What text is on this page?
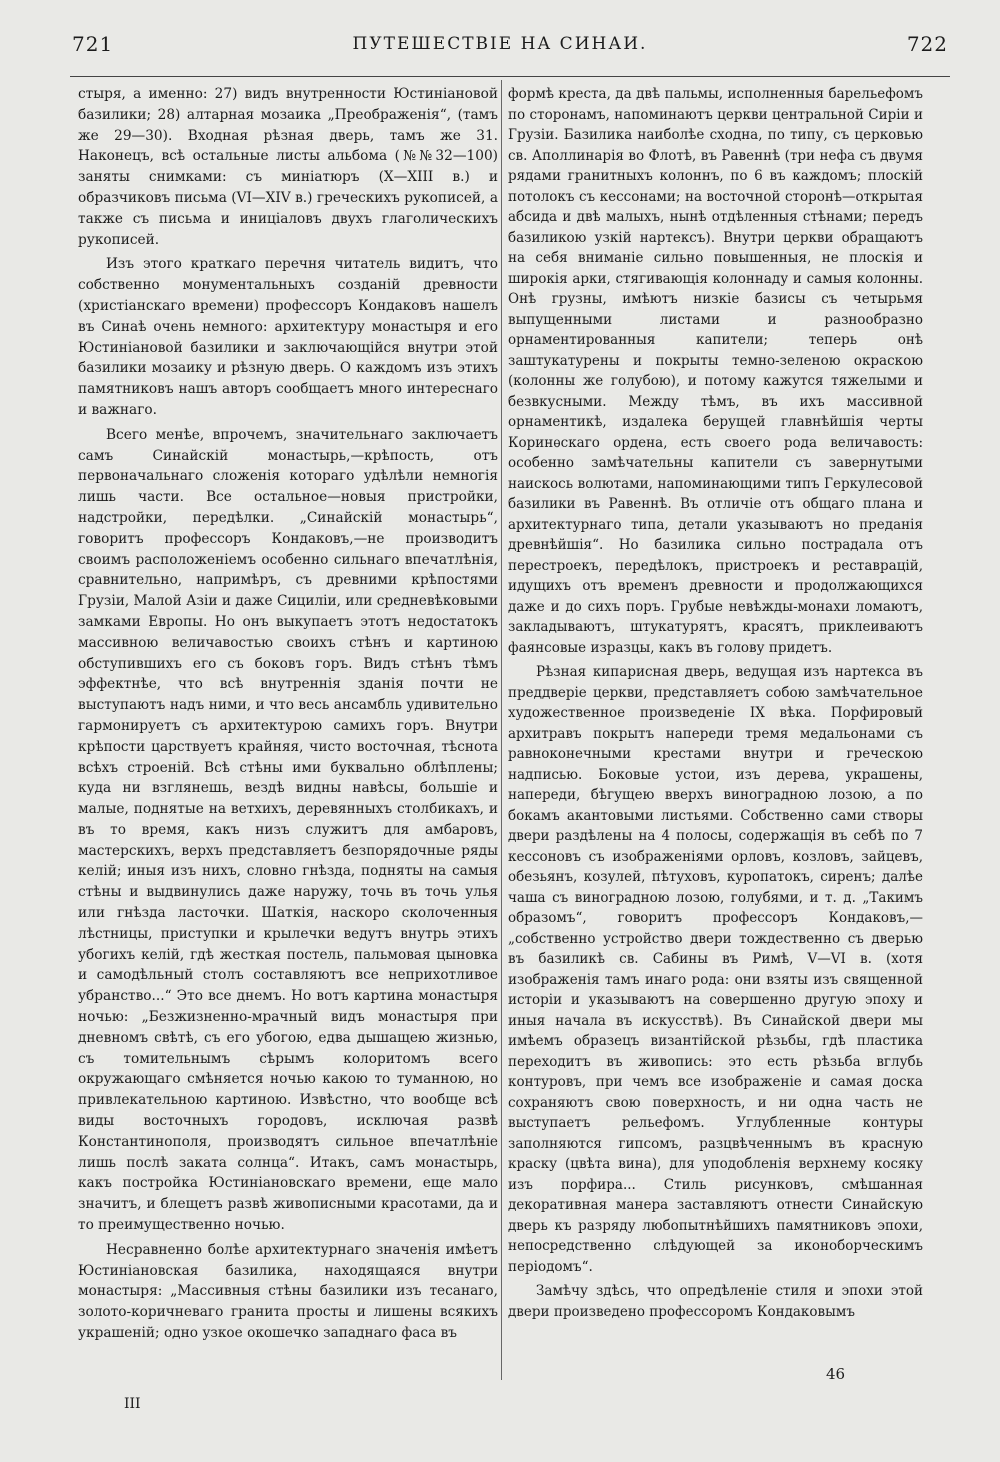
721	ПУТЕШЕСТВІЕ НА СИНАИ.	722

стыря, а именно: 27) видъ внутренности Юстиніановой базилики; 28) алтарная мозаика „Преображенія“, (тамъ же 29—30). Входная рѣзная дверь, тамъ же 31. Наконецъ, всѣ остальные листы альбома (№№32—100) заняты снимками: съ миніатюръ (X—XIII в.) и образчиковъ письма (VI—XIV в.) греческихъ рукописей, а также съ письма и иниціаловъ двухъ глаголическихъ рукописей.

Изъ этого краткаго перечня читатель видитъ, что собственно монументальныхъ созданій древности (христіанскаго времени) профессоръ Кондаковъ нашелъ въ Синаѣ очень немного: архитектуру монастыря и его Юстиніановой базилики и заключающійся внутри этой базилики мозаику и рѣзную дверь. О каждомъ изъ этихъ памятниковъ нашъ авторъ сообщаетъ много интереснаго и важнаго.

Всего менѣе, впрочемъ, значительнаго заключаетъ самъ Синайскій монастырь,—крѣпость, отъ первоначальнаго сложенія котораго удѣлѣли немногія лишь части. Все остальное—новыя пристройки, надстройки, передѣлки. „Синайскій монастырь“, говоритъ профессоръ Кондаковъ,—не производитъ своимъ расположеніемъ особенно сильнаго впечатлѣнія, сравнительно, напримѣръ, съ древними крѣпостями Грузіи, Малой Азіи и даже Сициліи, или средневѣковыми замками Европы. Но онъ выкупаетъ этотъ недостатокъ массивною величавостью своихъ стѣнъ и картиною обступившихъ его съ боковъ горъ. Видъ стѣнъ тѣмъ эффектнѣе, что всѣ внутреннія зданія почти не выступаютъ надъ ними, и что весь ансамбль удивительно гармонируетъ съ архитектурою самихъ горъ. Внутри крѣпости царствуетъ крайняя, чисто восточная, тѣснота всѣхъ строеній. Всѣ стѣны ими буквально облѣплены; куда ни взглянешь, вездѣ видны навѣсы, большіе и малые, поднятые на ветхихъ, деревянныхъ столбикахъ, и въ то время, какъ низъ служитъ для амбаровъ, мастерскихъ, верхъ представляетъ безпорядочные ряды келій; иныя изъ нихъ, словно гнѣзда, подняты на самыя стѣны и выдвинулись даже наружу, точь въ точь улья или гнѣзда ласточки. Шаткія, наскоро сколоченныя лѣстницы, приступки и крылечки ведутъ внутрь этихъ убогихъ келій, гдѣ жесткая постель, пальмовая цыновка и самодѣльный столъ составляютъ все неприхотливое убранство...“ Это все днемъ. Но вотъ картина монастыря ночью: „Безжизненно-мрачный видъ монастыря при дневномъ свѣтѣ, съ его убогою, едва дышащею жизнью, съ томительнымъ сѣрымъ колоритомъ всего окружающаго смѣняется ночью какою то туманною, но привлекательною картиною. Извѣстно, что вообще всѣ виды восточныхъ городовъ, исключая развѣ Константинополя, производятъ сильное впечатлѣніе лишь послѣ заката солнца“. Итакъ, самъ монастырь, какъ постройка Юстиніановскаго времени, еще мало значитъ, и блещетъ развѣ живописными красотами, да и то преимущественно ночью.

Несравненно болѣе архитектурнаго значенія имѣетъ Юстиніановская базилика, находящаяся внутри монастыря: „Массивныя стѣны базилики изъ тесанаго, золото-коричневаго гранита просты и лишены всякихъ украшеній; одно узкое окошечко западнаго фаса въ

формѣ креста, да двѣ пальмы, исполненныя барельефомъ по сторонамъ, напоминаютъ церкви центральной Сиріи и Грузіи. Базилика наиболѣе сходна, по типу, съ церковью св. Аполлинарія во Флотѣ, въ Равеннѣ (три нефа съ двумя рядами гранитныхъ колоннъ, по 6 въ каждомъ; плоскій потолокъ съ кессонами; на восточной сторонѣ—открытая абсида и двѣ малыхъ, нынѣ отдѣленныя стѣнами; передъ базиликою узкій нартексъ). Внутри церкви обращаютъ на себя вниманіе сильно повышенныя, не плоскія и широкія арки, стягивающія колоннаду и самыя колонны. Онѣ грузны, имѣютъ низкіе базисы съ четырьмя выпущенными листами и разнообразно орнаментированныя капители; теперь онѣ заштукатурены и покрыты темно-зеленою окраскою (колонны же голубою), и потому кажутся тяжелыми и безвкусными. Между тѣмъ, въ ихъ массивной орнаментикѣ, издалека берущей главнѣйшія черты Коринѳскаго ордена, есть своего рода величавость: особенно замѣчательны капители съ завернутыми наискось волютами, напоминающими типъ Геркулесовой базилики въ Равеннѣ. Въ отличіе отъ общаго плана и архитектурнаго типа, детали указываютъ но преданія древнѣйшія“. Но базилика сильно пострадала отъ перестроекъ, передѣлокъ, пристроекъ и реставрацій, идущихъ отъ временъ древности и продолжающихся даже и до сихъ поръ. Грубые невѣжды-монахи ломаютъ, закладываютъ, штукатурятъ, красятъ, приклеиваютъ фаянсовые изразцы, какъ въ голову придетъ.

Рѣзная кипарисная дверь, ведущая изъ нартекса въ преддверіе церкви, представляетъ собою замѣчательное художественное произведеніе IX вѣка. Порфировый архитравъ покрытъ напереди тремя медальонами съ равноконечными крестами внутри и греческою надписью. Боковые устои, изъ дерева, украшены, напереди, бѣгущею вверхъ виноградною лозою, а по бокамъ акантовыми листьями. Собственно сами створы двери раздѣлены на 4 полосы, содержащія въ себѣ по 7 кессоновъ съ изображеніями орловъ, козловъ, зайцевъ, обезьянъ, козулей, пѣтуховъ, куропатокъ, сиренъ; далѣе чаша съ виноградною лозою, голубями, и т. д. „Такимъ образомъ“, говоритъ профессоръ Кондаковъ,—„собственно устройство двери тождественно съ дверью въ базиликѣ св. Сабины въ Римѣ, V—VI в. (хотя изображенія тамъ инаго рода: они взяты изъ священной исторіи и указываютъ на совершенно другую эпоху и иныя начала въ искусствѣ). Въ Синайской двери мы имѣемъ образецъ византійской рѣзьбы, гдѣ пластика переходитъ въ живопись: это есть рѣзьба вглубь контуровъ, при чемъ все изображеніе и самая доска сохраняютъ свою поверхность, и ни одна часть не выступаетъ рельефомъ. Углубленные контуры заполняются гипсомъ, разцвѣченнымъ въ красную краску (цвѣта вина), для уподобленія верхнему косяку изъ порфира... Стиль рисунковъ, смѣшанная декоративная манера заставляютъ отнести Синайскую дверь къ разряду любопытнѣйшихъ памятниковъ эпохи, непосредственно слѣдующей за иконоборческимъ періодомъ“.

Замѣчу здѣсь, что опредѣленіе стиля и эпохи этой двери произведено профессоромъ Кондаковымъ

46
III
